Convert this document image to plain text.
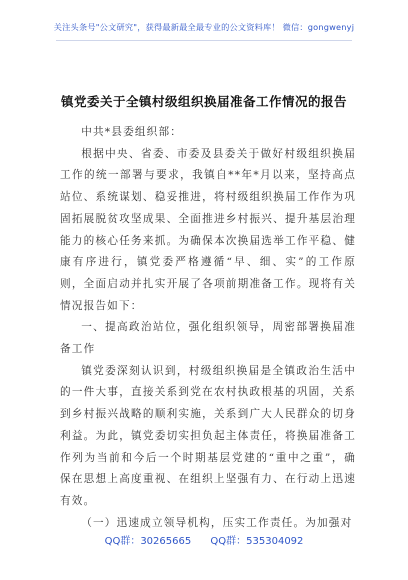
关注头条号"公文研究"，获得最新最全最专业的公文资料库！ 微信：gongwenyj
镇党委关于全镇村级组织换届准备工作情况的报告

中共*县委组织部：

根据中央、省委、市委及县委关于做好村级组织换届工作的统一部署与要求，我镇自**年*月以来，坚持高点站位、系统谋划、稳妥推进，将村级组织换届工作作为巩固拓展脱贫攻坚成果、全面推进乡村振兴、提升基层治理能力的核心任务来抓。为确保本次换届选举工作平稳、健康有序进行，镇党委严格遵循“早、细、实”的工作原则，全面启动并扎实开展了各项前期准备工作。现将有关情况报告如下：

一、提高政治站位，强化组织领导，周密部署换届准备工作

镇党委深刻认识到，村级组织换届是全镇政治生活中的一件大事，直接关系到党在农村执政根基的巩固，关系到乡村振兴战略的顺利实施，关系到广大人民群众的切身利益。为此，镇党委切实担负起主体责任，将换届准备工作列为当前和今后一个时期基层党建的“重中之重”，确保在思想上高度重视、在组织上坚强有力、在行动上迅速有效。

（一）迅速成立领导机构，压实工作责任。为加强对

QQ群：30265665 QQ群：535304092
